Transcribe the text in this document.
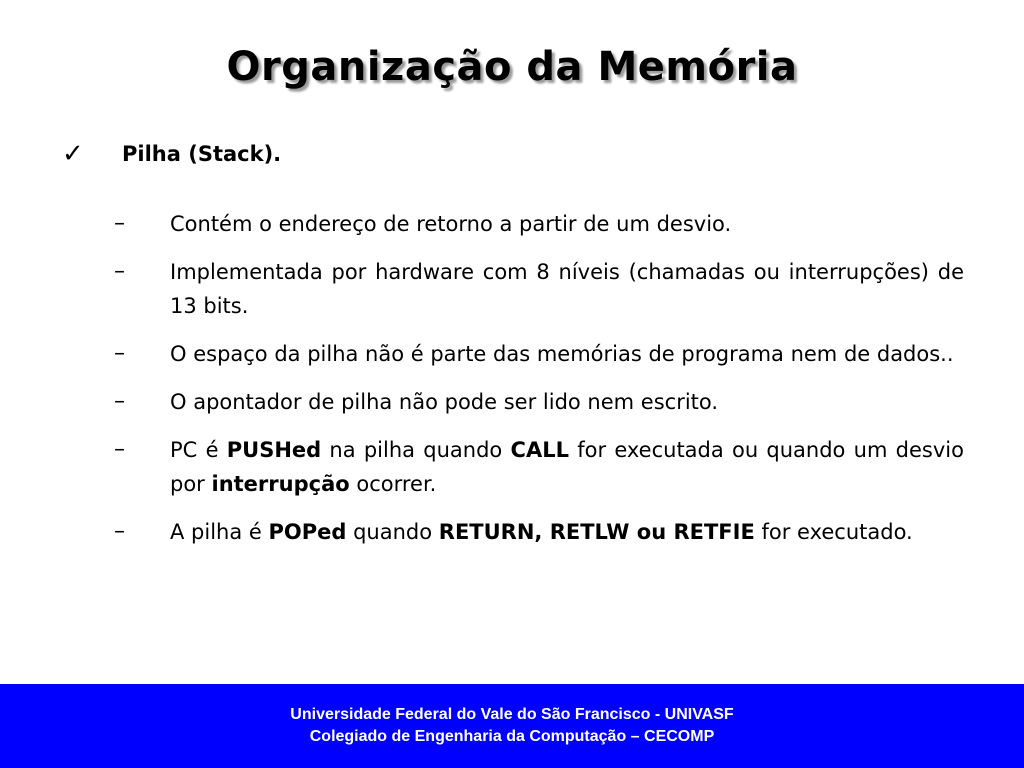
Organização da Memória
✓	Pilha (Stack).
–	Contém o endereço de retorno a partir de um desvio.
–	Implementada por hardware com 8 níveis (chamadas ou interrupções) de 13 bits.
–	O espaço da pilha não é parte das memórias de programa nem de dados..
–	O apontador de pilha não pode ser lido nem escrito.
–	PC é PUSHed na pilha quando CALL for executada ou quando um desvio por interrupção ocorrer.
–	A pilha é POPed quando RETURN, RETLW ou RETFIE for executado.
Universidade Federal do Vale do São Francisco - UNIVASF
Colegiado de Engenharia da Computação – CECOMP
